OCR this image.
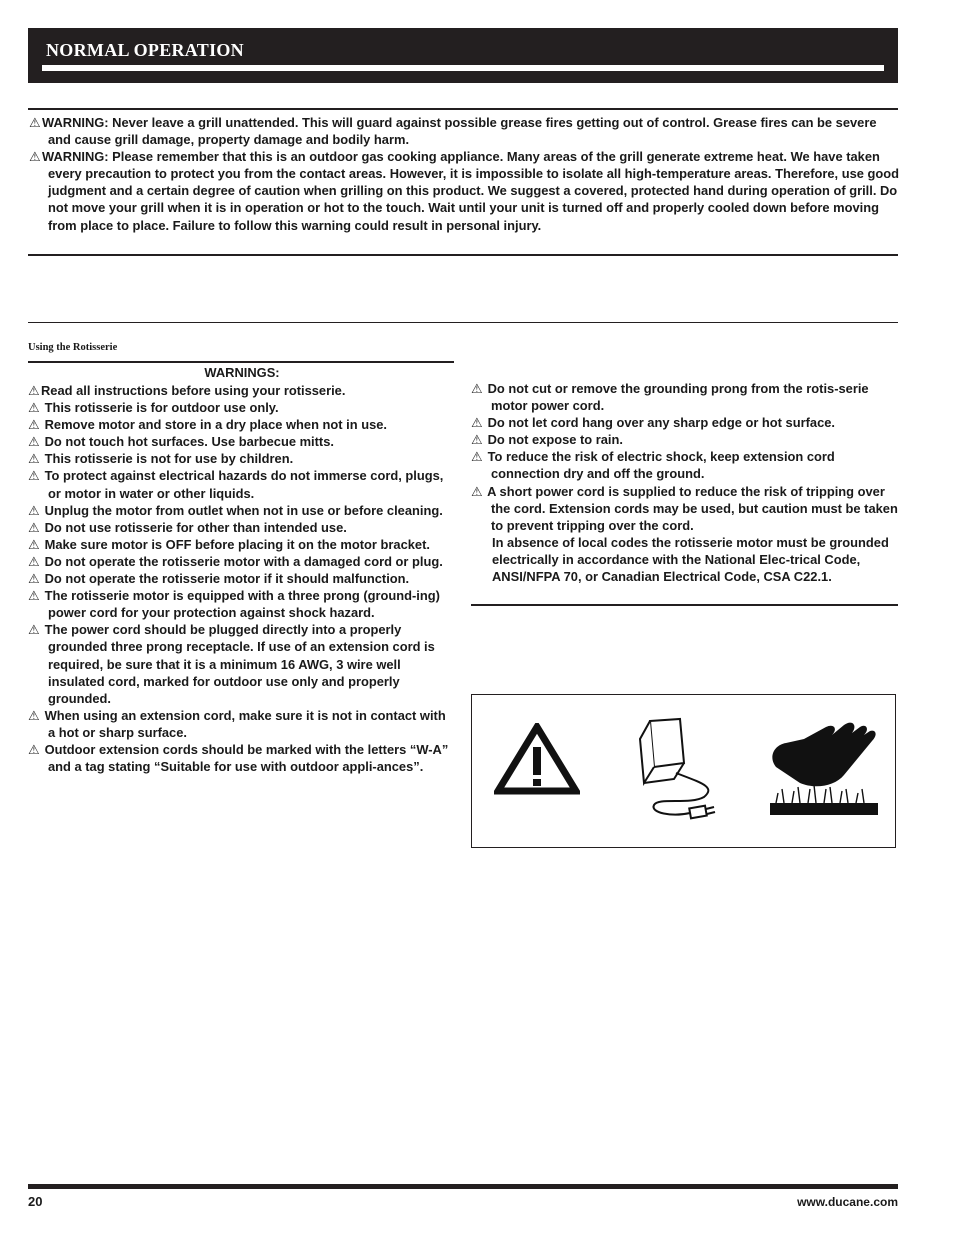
NORMAL OPERATION

⚠WARNING: Never leave a grill unattended. This will guard against possible grease fires getting out of control. Grease fires can be severe and cause grill damage, property damage and bodily harm.

⚠WARNING: Please remember that this is an outdoor gas cooking appliance. Many areas of the grill generate extreme heat. We have taken every precaution to protect you from the contact areas. However, it is impossible to isolate all high-temperature areas. Therefore, use good judgment and a certain degree of caution when grilling on this product. We suggest a covered, protected hand during operation of grill. Do not move your grill when it is in operation or hot to the touch. Wait until your unit is turned off and properly cooled down before moving from place to place. Failure to follow this warning could result in personal injury.

Using the Rotisserie

WARNINGS:

⚠Read all instructions before using your rotisserie.

⚠ This rotisserie is for outdoor use only.

⚠ Remove motor and store in a dry place when not in use.

⚠ Do not touch hot surfaces. Use barbecue mitts.

⚠ This rotisserie is not for use by children.

⚠ To protect against electrical hazards do not immerse cord, plugs, or motor in water or other liquids.

⚠ Unplug the motor from outlet when not in use or before cleaning.

⚠ Do not use rotisserie for other than intended use.

⚠ Make sure motor is OFF before placing it on the motor bracket.

⚠ Do not operate the rotisserie motor with a damaged cord or plug.

⚠ Do not operate the rotisserie motor if it should malfunction.

⚠ The rotisserie motor is equipped with a three prong (ground-ing) power cord for your protection against shock hazard.

⚠ The power cord should be plugged directly into a properly grounded three prong receptacle. If use of an extension cord is required, be sure that it is a minimum 16 AWG, 3 wire well insulated cord, marked for outdoor use only and properly grounded.

⚠ When using an extension cord, make sure it is not in contact with a hot or sharp surface.

⚠ Outdoor extension cords should be marked with the letters “W-A” and a tag stating “Suitable for use with outdoor appli-ances”.

⚠ Do not cut or remove the grounding prong from the rotis-serie motor power cord.

⚠ Do not let cord hang over any sharp edge or hot surface.

⚠ Do not expose to rain.

⚠ To reduce the risk of electric shock, keep extension cord connection dry and off the ground.

⚠ A short power cord is supplied to reduce the risk of tripping over the cord. Extension cords may be used, but caution must be taken to prevent tripping over the cord.

In absence of local codes the rotisserie motor must be grounded electrically in accordance with the National Elec-trical Code, ANSI/NFPA 70, or Canadian Electrical Code, CSA C22.1.

20	www.ducane.com
